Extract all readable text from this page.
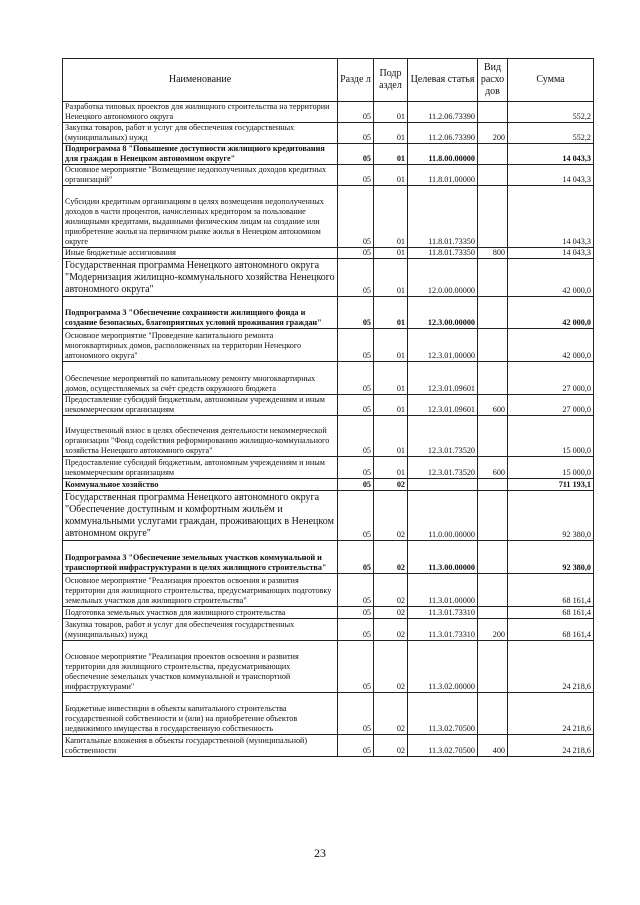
Наименование	Разде л	Подр аздел	Целевая статья	Вид расхо дов	Сумма
Разработка типовых проектов для жилищного строительства на территории Ненецкого автономного округа	05	01	11.2.06.73390		552,2
Закупка товаров, работ и услуг для обеспечения государственных (муниципальных) нужд	05	01	11.2.06.73390	200	552,2
Подпрограмма 8 "Повышение доступности жилищного кредитования для граждан в Ненецком автономном округе"	05	01	11.8.00.00000		14 043,3
Основное мероприятие "Возмещение недополученных доходов кредитных организаций"	05	01	11.8.01.00000		14 043,3
Субсидии кредитным организациям в целях возмещения недополученных доходов в части процентов, начисленных кредитором за пользование жилищными кредитами, выданными физическим лицам на создание или приобретение жилья на первичном рынке жилья в Ненецком автономном округе	05	01	11.8.01.73350		14 043,3
Иные бюджетные ассигнования	05	01	11.8.01.73350	800	14 043,3
Государственная программа Ненецкого автономного округа "Модернизация жилищно-коммунального хозяйства Ненецкого автономного округа"	05	01	12.0.00.00000		42 000,0
Подпрограмма 3 "Обеспечение сохранности жилищного фонда и создание безопасных, благоприятных условий проживания граждан"	05	01	12.3.00.00000		42 000,0
Основное мероприятие "Проведение капитального ремонта многоквартирных домов, расположенных на территории Ненецкого автономного округа"	05	01	12.3.01.00000		42 000,0
Обеспечение мероприятий по капитальному ремонту многоквартирных домов, осуществляемых за счёт средств окружного бюджета	05	01	12.3.01.09601		27 000,0
Предоставление субсидий бюджетным, автономным учреждениям и иным некоммерческим организациям	05	01	12.3.01.09601	600	27 000,0
Имущественный взнос в целях обеспечения деятельности некоммерческой организации "Фонд содействия реформированию жилищно-коммунального хозяйства Ненецкого автономного округа"	05	01	12.3.01.73520		15 000,0
Предоставление субсидий бюджетным, автономным учреждениям и иным некоммерческим организациям	05	01	12.3.01.73520	600	15 000,0
Коммунальное хозяйство	05	02			711 193,1
Государственная программа Ненецкого автономного округа "Обеспечение доступным и комфортным жильём и коммунальными услугами граждан, проживающих в Ненецком автономном округе"	05	02	11.0.00.00000		92 380,0
Подпрограмма 3 "Обеспечение земельных участков коммунальной и транспортной инфраструктурами в целях жилищного строительства"	05	02	11.3.00.00000		92 380,0
Основное мероприятие "Реализация проектов освоения и развития территории для жилищного строительства, предусматривающих подготовку земельных участков для жилищного строительства"	05	02	11.3.01.00000		68 161,4
Подготовка земельных участков для жилищного строительства	05	02	11.3.01.73310		68 161,4
Закупка товаров, работ и услуг для обеспечения государственных (муниципальных) нужд	05	02	11.3.01.73310	200	68 161,4
Основное мероприятие "Реализация проектов освоения и развития территории для жилищного строительства, предусматривающих обеспечение земельных участков коммунальной и транспортной инфраструктурами"	05	02	11.3.02.00000		24 218,6
Бюджетные инвестиции в объекты капитального строительства государственной собственности и (или) на приобретение объектов недвижимого имущества в государственную собственность	05	02	11.3.02.70500		24 218,6
Капитальные вложения в объекты государственной (муниципальной) собственности	05	02	11.3.02.70500	400	24 218,6
23
